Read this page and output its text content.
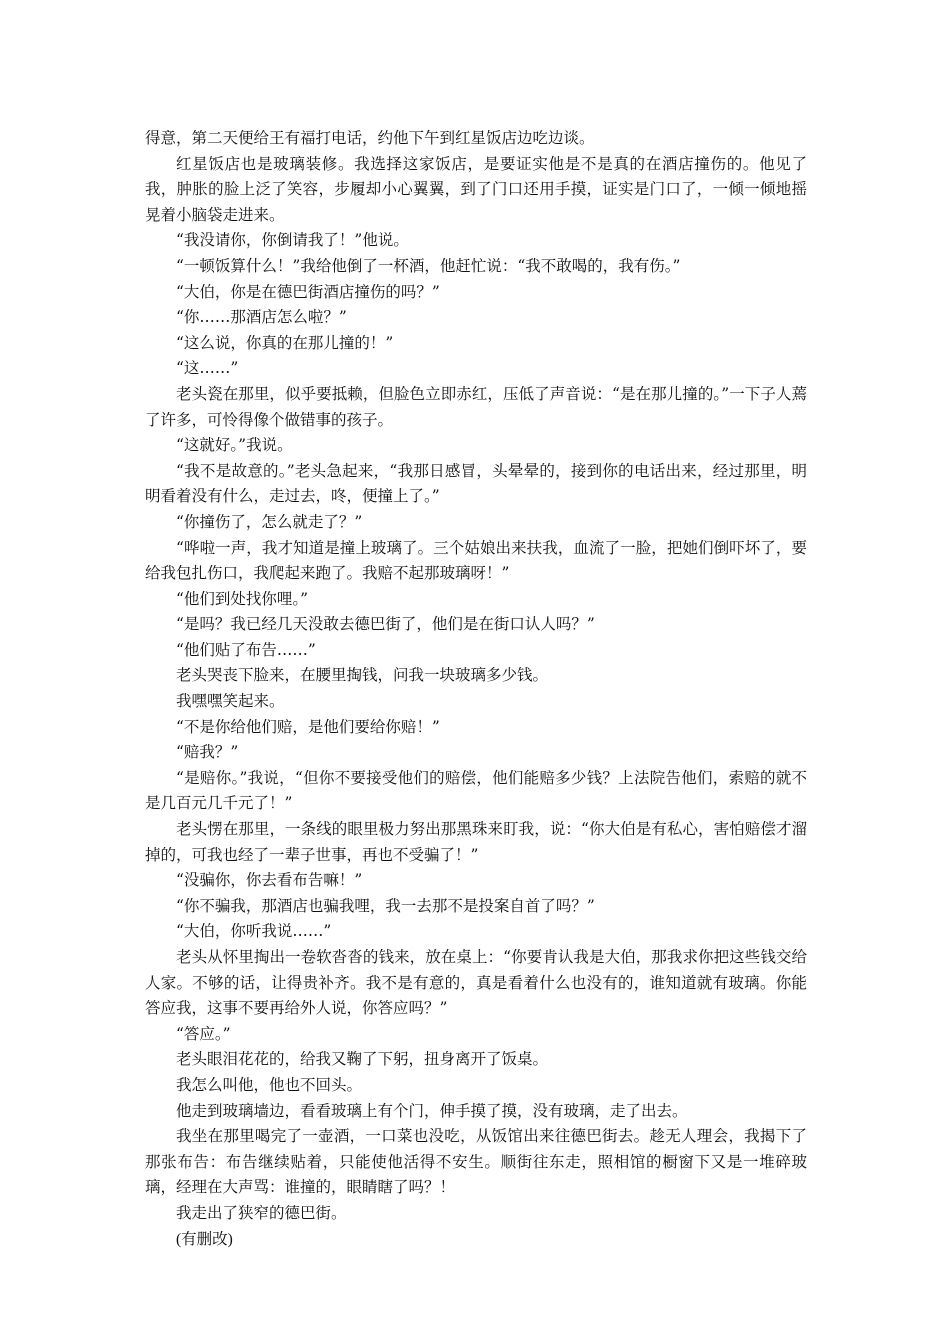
得意，第二天便给王有福打电话，约他下午到红星饭店边吃边谈。

红星饭店也是玻璃装修。我选择这家饭店，是要证实他是不是真的在酒店撞伤的。他见了我，肿胀的脸上泛了笑容，步履却小心翼翼，到了门口还用手摸，证实是门口了，一倾一倾地摇晃着小脑袋走进来。

“我没请你，你倒请我了！”他说。

“一顿饭算什么！”我给他倒了一杯酒，他赶忙说：“我不敢喝的，我有伤。”

“大伯，你是在德巴街酒店撞伤的吗？”

“你……那酒店怎么啦？”

“这么说，你真的在那儿撞的！”

“这……”

老头瓷在那里，似乎要抵赖，但脸色立即赤红，压低了声音说：“是在那儿撞的。”一下子人蔫了许多，可怜得像个做错事的孩子。

“这就好。”我说。

“我不是故意的。”老头急起来，“我那日感冒，头晕晕的，接到你的电话出来，经过那里，明明看着没有什么，走过去，咚，便撞上了。”

“你撞伤了，怎么就走了？”

“哗啦一声，我才知道是撞上玻璃了。三个姑娘出来扶我，血流了一脸，把她们倒吓坏了，要给我包扎伤口，我爬起来跑了。我赔不起那玻璃呀！”

“他们到处找你哩。”

“是吗？我已经几天没敢去德巴街了，他们是在街口认人吗？”

“他们贴了布告……”

老头哭丧下脸来，在腰里掏钱，问我一块玻璃多少钱。

我嘿嘿笑起来。

“不是你给他们赔，是他们要给你赔！”

“赔我？”

“是赔你。”我说，“但你不要接受他们的赔偿，他们能赔多少钱？上法院告他们，索赔的就不是几百元几千元了！”

老头愣在那里，一条线的眼里极力努出那黑珠来盯我，说：“你大伯是有私心，害怕赔偿才溜掉的，可我也经了一辈子世事，再也不受骗了！”

“没骗你，你去看布告嘛！”

“你不骗我，那酒店也骗我哩，我一去那不是投案自首了吗？”

“大伯，你听我说……”

老头从怀里掏出一卷软沓沓的钱来，放在桌上：“你要肯认我是大伯，那我求你把这些钱交给人家。不够的话，让得贵补齐。我不是有意的，真是看着什么也没有的，谁知道就有玻璃。你能答应我，这事不要再给外人说，你答应吗？”

“答应。”

老头眼泪花花的，给我又鞠了下躬，扭身离开了饭桌。

我怎么叫他，他也不回头。

他走到玻璃墙边，看看玻璃上有个门，伸手摸了摸，没有玻璃，走了出去。

我坐在那里喝完了一壶酒，一口菜也没吃，从饭馆出来往德巴街去。趁无人理会，我揭下了那张布告：布告继续贴着，只能使他活得不安生。顺街往东走，照相馆的橱窗下又是一堆碎玻璃，经理在大声骂：谁撞的，眼睛瞎了吗？！

我走出了狭窄的德巴街。

(有删改)
